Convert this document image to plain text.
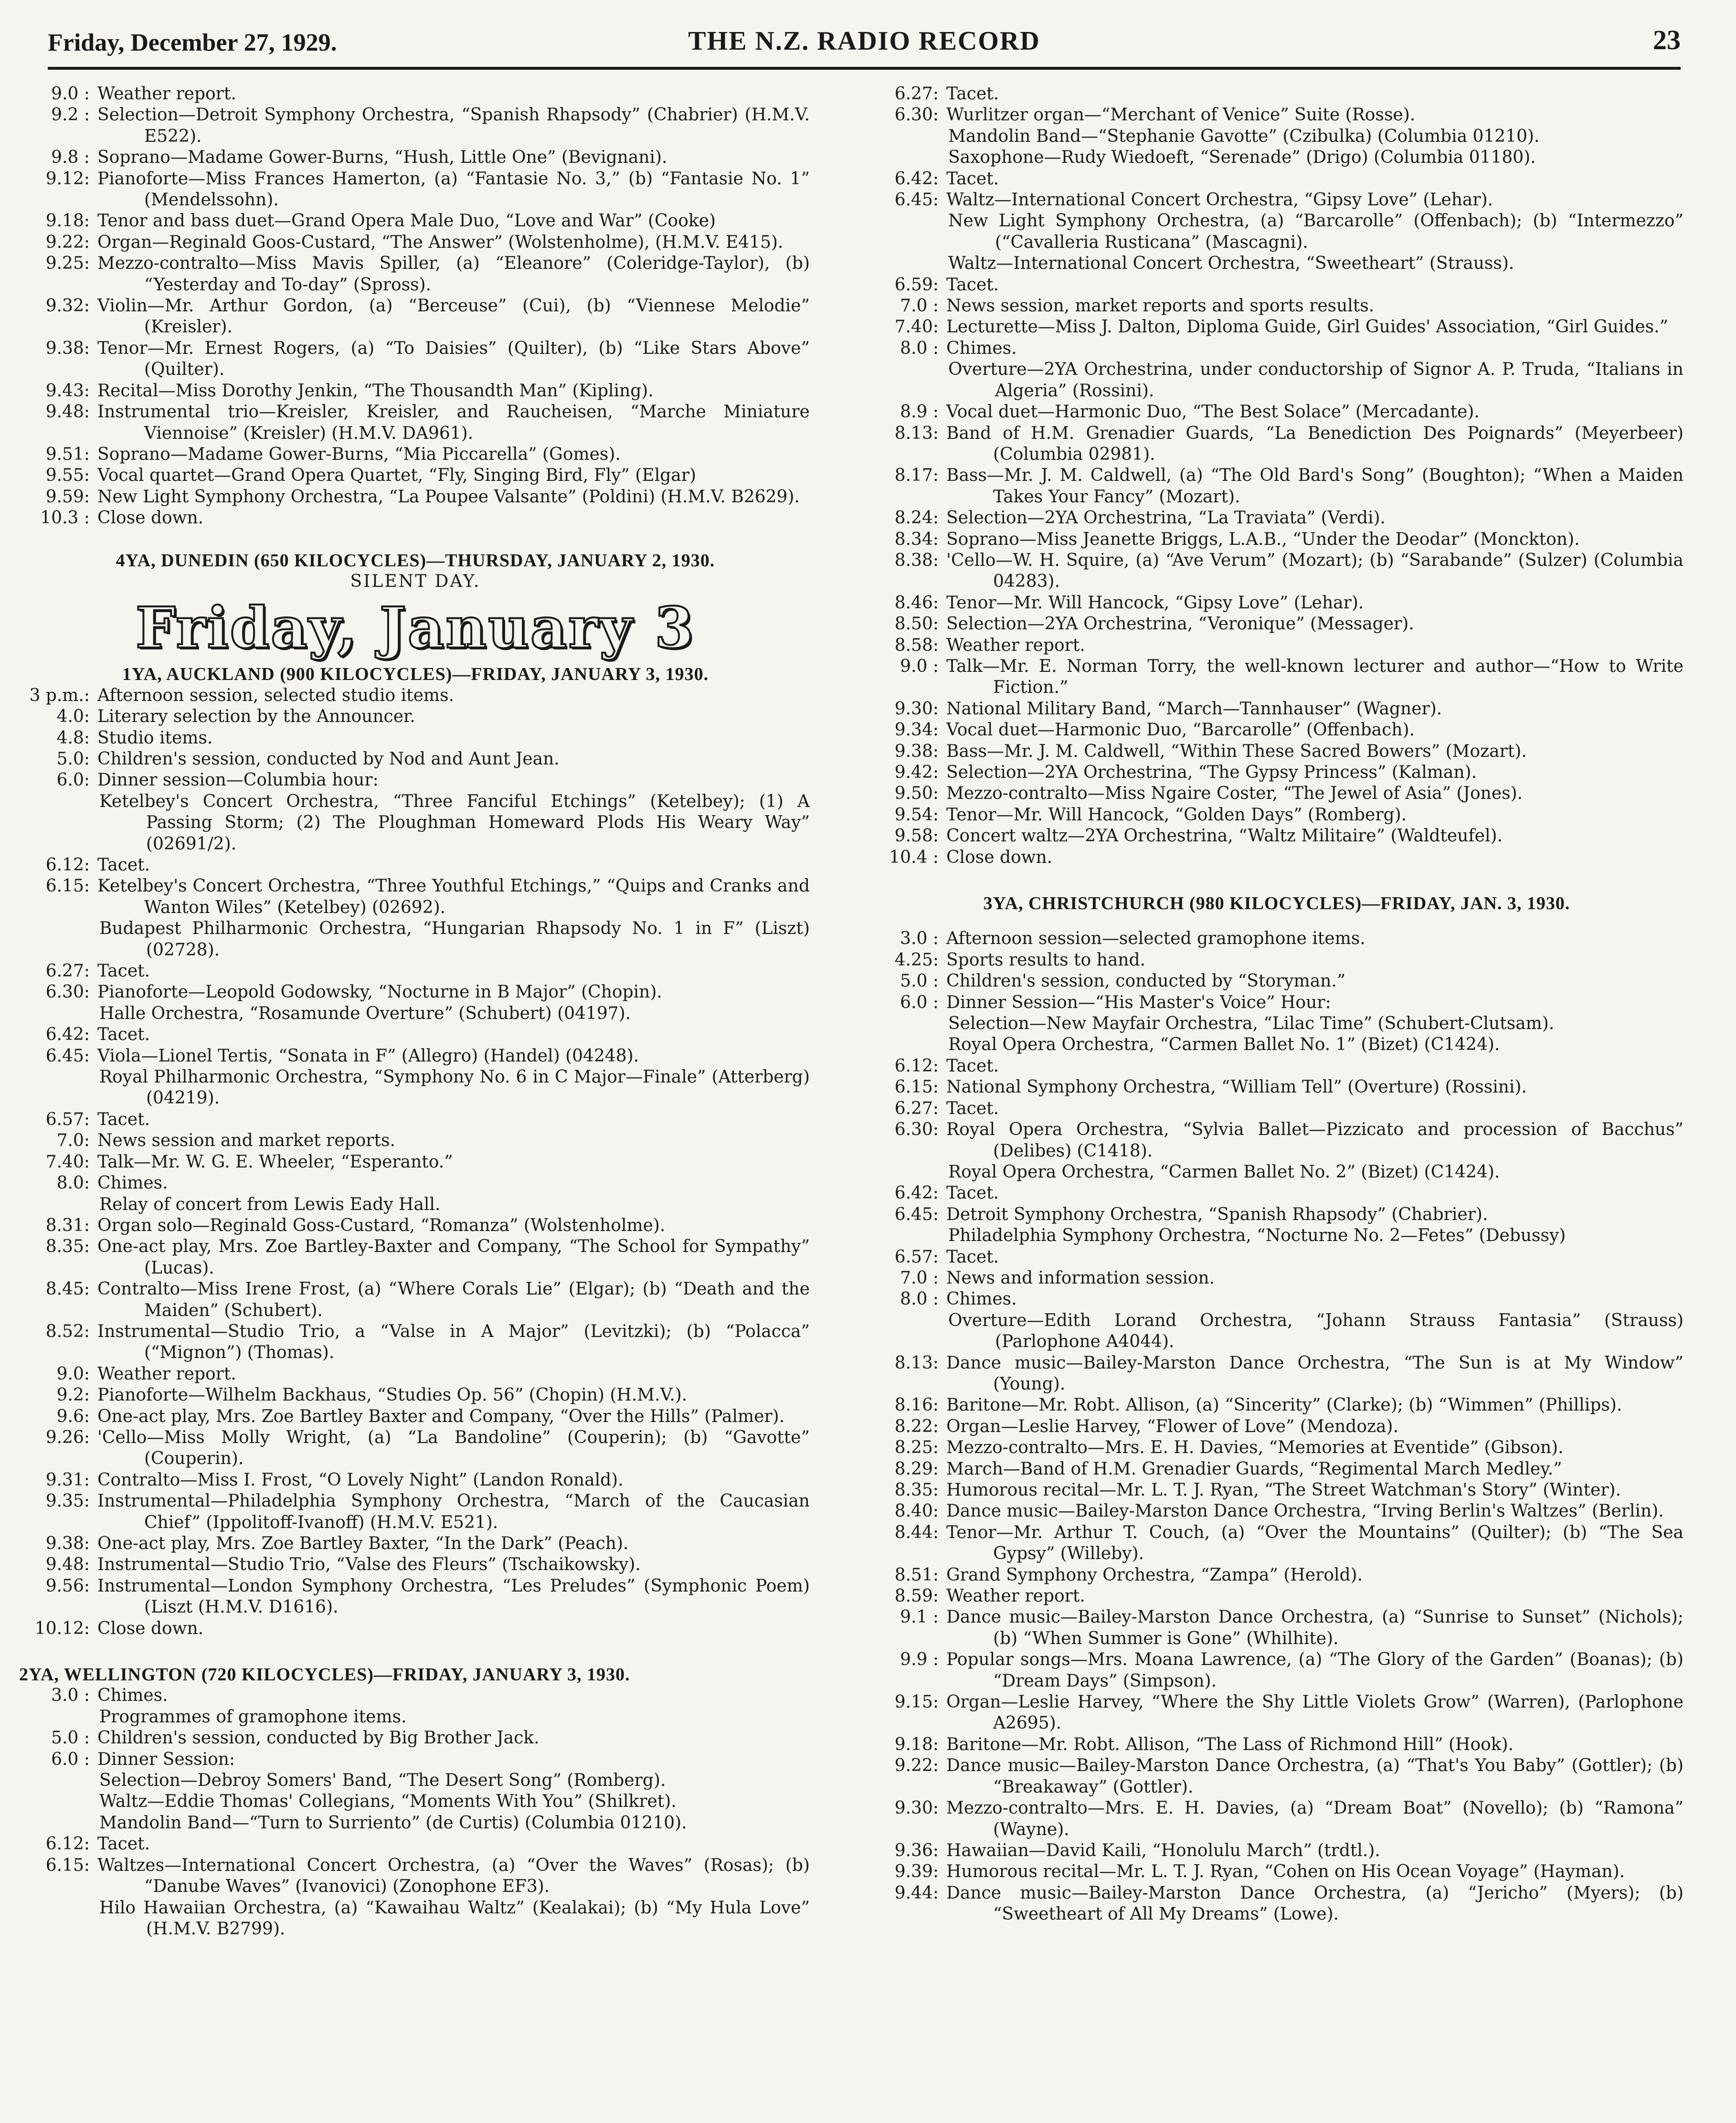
Friday, December 27, 1929.	THE N.Z. RADIO RECORD	23
9.0 : Weather report.
9.2 : Selection—Detroit Symphony Orchestra, “Spanish Rhapsody” (Chabrier) (H.M.V. E522).
9.8 : Soprano—Madame Gower-Burns, “Hush, Little One” (Bevignani).
9.12: Pianoforte—Miss Frances Hamerton, (a) “Fantasie No. 3,” (b) “Fantasie No. 1” (Mendelssohn).
9.18: Tenor and bass duet—Grand Opera Male Duo, “Love and War” (Cooke)
9.22: Organ—Reginald Goos-Custard, “The Answer” (Wolstenholme), (H.M.V. E415).
9.25: Mezzo-contralto—Miss Mavis Spiller, (a) “Eleanore” (Coleridge-Taylor), (b) “Yesterday and To-day” (Spross).
9.32: Violin—Mr. Arthur Gordon, (a) “Berceuse” (Cui), (b) “Viennese Melodie” (Kreisler).
9.38: Tenor—Mr. Ernest Rogers, (a) “To Daisies” (Quilter), (b) “Like Stars Above” (Quilter).
9.43: Recital—Miss Dorothy Jenkin, “The Thousandth Man” (Kipling).
9.48: Instrumental trio—Kreisler, Kreisler, and Raucheisen, “Marche Miniature Viennoise” (Kreisler) (H.M.V. DA961).
9.51: Soprano—Madame Gower-Burns, “Mia Piccarella” (Gomes).
9.55: Vocal quartet—Grand Opera Quartet, “Fly, Singing Bird, Fly” (Elgar)
9.59: New Light Symphony Orchestra, “La Poupee Valsante” (Poldini) (H.M.V. B2629).
10.3 : Close down.
4YA, DUNEDIN (650 KILOCYCLES)—THURSDAY, JANUARY 2, 1930.
SILENT DAY.
Friday, January 3
1YA, AUCKLAND (900 KILOCYCLES)—FRIDAY, JANUARY 3, 1930.
3 p.m.: Afternoon session, selected studio items.
4.0: Literary selection by the Announcer.
4.8: Studio items.
5.0: Children's session, conducted by Nod and Aunt Jean.
6.0: Dinner session—Columbia hour:
Ketelbey's Concert Orchestra, “Three Fanciful Etchings” (Ketelbey); (1) A Passing Storm; (2) The Ploughman Homeward Plods His Weary Way” (02691/2).
6.12: Tacet.
6.15: Ketelbey's Concert Orchestra, “Three Youthful Etchings,” “Quips and Cranks and Wanton Wiles” (Ketelbey) (02692).
Budapest Philharmonic Orchestra, “Hungarian Rhapsody No. 1 in F” (Liszt) (02728).
6.27: Tacet.
6.30: Pianoforte—Leopold Godowsky, “Nocturne in B Major” (Chopin).
Halle Orchestra, “Rosamunde Overture” (Schubert) (04197).
6.42: Tacet.
6.45: Viola—Lionel Tertis, “Sonata in F” (Allegro) (Handel) (04248).
Royal Philharmonic Orchestra, “Symphony No. 6 in C Major—Finale” (Atterberg) (04219).
6.57: Tacet.
7.0: News session and market reports.
7.40: Talk—Mr. W. G. E. Wheeler, “Esperanto.”
8.0: Chimes.
Relay of concert from Lewis Eady Hall.
8.31: Organ solo—Reginald Goss-Custard, “Romanza” (Wolstenholme).
8.35: One-act play, Mrs. Zoe Bartley-Baxter and Company, “The School for Sympathy” (Lucas).
8.45: Contralto—Miss Irene Frost, (a) “Where Corals Lie” (Elgar); (b) “Death and the Maiden” (Schubert).
8.52: Instrumental—Studio Trio, a “Valse in A Major” (Levitzki); (b) “Polacca” (“Mignon”) (Thomas).
9.0: Weather report.
9.2: Pianoforte—Wilhelm Backhaus, “Studies Op. 56” (Chopin) (H.M.V.).
9.6: One-act play, Mrs. Zoe Bartley Baxter and Company, “Over the Hills” (Palmer).
9.26: 'Cello—Miss Molly Wright, (a) “La Bandoline” (Couperin); (b) “Gavotte” (Couperin).
9.31: Contralto—Miss I. Frost, “O Lovely Night” (Landon Ronald).
9.35: Instrumental—Philadelphia Symphony Orchestra, “March of the Caucasian Chief” (Ippolitoff-Ivanoff) (H.M.V. E521).
9.38: One-act play, Mrs. Zoe Bartley Baxter, “In the Dark” (Peach).
9.48: Instrumental—Studio Trio, “Valse des Fleurs” (Tschaikowsky).
9.56: Instrumental—London Symphony Orchestra, “Les Preludes” (Symphonic Poem) (Liszt (H.M.V. D1616).
10.12: Close down.
2YA, WELLINGTON (720 KILOCYCLES)—FRIDAY, JANUARY 3, 1930.
3.0 : Chimes.
Programmes of gramophone items.
5.0 : Children's session, conducted by Big Brother Jack.
6.0 : Dinner Session:
Selection—Debroy Somers' Band, “The Desert Song” (Romberg).
Waltz—Eddie Thomas' Collegians, “Moments With You” (Shilkret).
Mandolin Band—“Turn to Surriento” (de Curtis) (Columbia 01210).
6.12: Tacet.
6.15: Waltzes—International Concert Orchestra, (a) “Over the Waves” (Rosas); (b) “Danube Waves” (Ivanovici) (Zonophone EF3).
Hilo Hawaiian Orchestra, (a) “Kawaihau Waltz” (Kealakai); (b) “My Hula Love” (H.M.V. B2799).
6.27: Tacet.
6.30: Wurlitzer organ—“Merchant of Venice” Suite (Rosse).
Mandolin Band—“Stephanie Gavotte” (Czibulka) (Columbia 01210).
Saxophone—Rudy Wiedoeft, “Serenade” (Drigo) (Columbia 01180).
6.42: Tacet.
6.45: Waltz—International Concert Orchestra, “Gipsy Love” (Lehar).
New Light Symphony Orchestra, (a) “Barcarolle” (Offenbach); (b) “Intermezzo” (“Cavalleria Rusticana” (Mascagni).
Waltz—International Concert Orchestra, “Sweetheart” (Strauss).
6.59: Tacet.
7.0 : News session, market reports and sports results.
7.40: Lecturette—Miss J. Dalton, Diploma Guide, Girl Guides' Association, “Girl Guides.”
8.0 : Chimes.
Overture—2YA Orchestrina, under conductorship of Signor A. P. Truda, “Italians in Algeria” (Rossini).
8.9 : Vocal duet—Harmonic Duo, “The Best Solace” (Mercadante).
8.13: Band of H.M. Grenadier Guards, “La Benediction Des Poignards” (Meyerbeer) (Columbia 02981).
8.17: Bass—Mr. J. M. Caldwell, (a) “The Old Bard's Song” (Boughton); “When a Maiden Takes Your Fancy” (Mozart).
8.24: Selection—2YA Orchestrina, “La Traviata” (Verdi).
8.34: Soprano—Miss Jeanette Briggs, L.A.B., “Under the Deodar” (Monckton).
8.38: 'Cello—W. H. Squire, (a) “Ave Verum” (Mozart); (b) “Sarabande” (Sulzer) (Columbia 04283).
8.46: Tenor—Mr. Will Hancock, “Gipsy Love” (Lehar).
8.50: Selection—2YA Orchestrina, “Veronique” (Messager).
8.58: Weather report.
9.0 : Talk—Mr. E. Norman Torry, the well-known lecturer and author—“How to Write Fiction.”
9.30: National Military Band, “March—Tannhauser” (Wagner).
9.34: Vocal duet—Harmonic Duo, “Barcarolle” (Offenbach).
9.38: Bass—Mr. J. M. Caldwell, “Within These Sacred Bowers” (Mozart).
9.42: Selection—2YA Orchestrina, “The Gypsy Princess” (Kalman).
9.50: Mezzo-contralto—Miss Ngaire Coster, “The Jewel of Asia” (Jones).
9.54: Tenor—Mr. Will Hancock, “Golden Days” (Romberg).
9.58: Concert waltz—2YA Orchestrina, “Waltz Militaire” (Waldteufel).
10.4 : Close down.
3YA, CHRISTCHURCH (980 KILOCYCLES)—FRIDAY, JAN. 3, 1930.
3.0 : Afternoon session—selected gramophone items.
4.25: Sports results to hand.
5.0 : Children's session, conducted by “Storyman.”
6.0 : Dinner Session—“His Master's Voice” Hour:
Selection—New Mayfair Orchestra, “Lilac Time” (Schubert-Clutsam).
Royal Opera Orchestra, “Carmen Ballet No. 1” (Bizet) (C1424).
6.12: Tacet.
6.15: National Symphony Orchestra, “William Tell” (Overture) (Rossini).
6.27: Tacet.
6.30: Royal Opera Orchestra, “Sylvia Ballet—Pizzicato and procession of Bacchus” (Delibes) (C1418).
Royal Opera Orchestra, “Carmen Ballet No. 2” (Bizet) (C1424).
6.42: Tacet.
6.45: Detroit Symphony Orchestra, “Spanish Rhapsody” (Chabrier).
Philadelphia Symphony Orchestra, “Nocturne No. 2—Fetes” (Debussy)
6.57: Tacet.
7.0 : News and information session.
8.0 : Chimes.
Overture—Edith Lorand Orchestra, “Johann Strauss Fantasia” (Strauss) (Parlophone A4044).
8.13: Dance music—Bailey-Marston Dance Orchestra, “The Sun is at My Window” (Young).
8.16: Baritone—Mr. Robt. Allison, (a) “Sincerity” (Clarke); (b) “Wimmen” (Phillips).
8.22: Organ—Leslie Harvey, “Flower of Love” (Mendoza).
8.25: Mezzo-contralto—Mrs. E. H. Davies, “Memories at Eventide” (Gibson).
8.29: March—Band of H.M. Grenadier Guards, “Regimental March Medley.”
8.35: Humorous recital—Mr. L. T. J. Ryan, “The Street Watchman's Story” (Winter).
8.40: Dance music—Bailey-Marston Dance Orchestra, “Irving Berlin's Waltzes” (Berlin).
8.44: Tenor—Mr. Arthur T. Couch, (a) “Over the Mountains” (Quilter); (b) “The Sea Gypsy” (Willeby).
8.51: Grand Symphony Orchestra, “Zampa” (Herold).
8.59: Weather report.
9.1 : Dance music—Bailey-Marston Dance Orchestra, (a) “Sunrise to Sunset” (Nichols); (b) “When Summer is Gone” (Whilhite).
9.9 : Popular songs—Mrs. Moana Lawrence, (a) “The Glory of the Garden” (Boanas); (b) “Dream Days” (Simpson).
9.15: Organ—Leslie Harvey, “Where the Shy Little Violets Grow” (Warren), (Parlophone A2695).
9.18: Baritone—Mr. Robt. Allison, “The Lass of Richmond Hill” (Hook).
9.22: Dance music—Bailey-Marston Dance Orchestra, (a) “That's You Baby” (Gottler); (b) “Breakaway” (Gottler).
9.30: Mezzo-contralto—Mrs. E. H. Davies, (a) “Dream Boat” (Novello); (b) “Ramona” (Wayne).
9.36: Hawaiian—David Kaili, “Honolulu March” (trdtl.).
9.39: Humorous recital—Mr. L. T. J. Ryan, “Cohen on His Ocean Voyage” (Hayman).
9.44: Dance music—Bailey-Marston Dance Orchestra, (a) “Jericho” (Myers); (b) “Sweetheart of All My Dreams” (Lowe).
